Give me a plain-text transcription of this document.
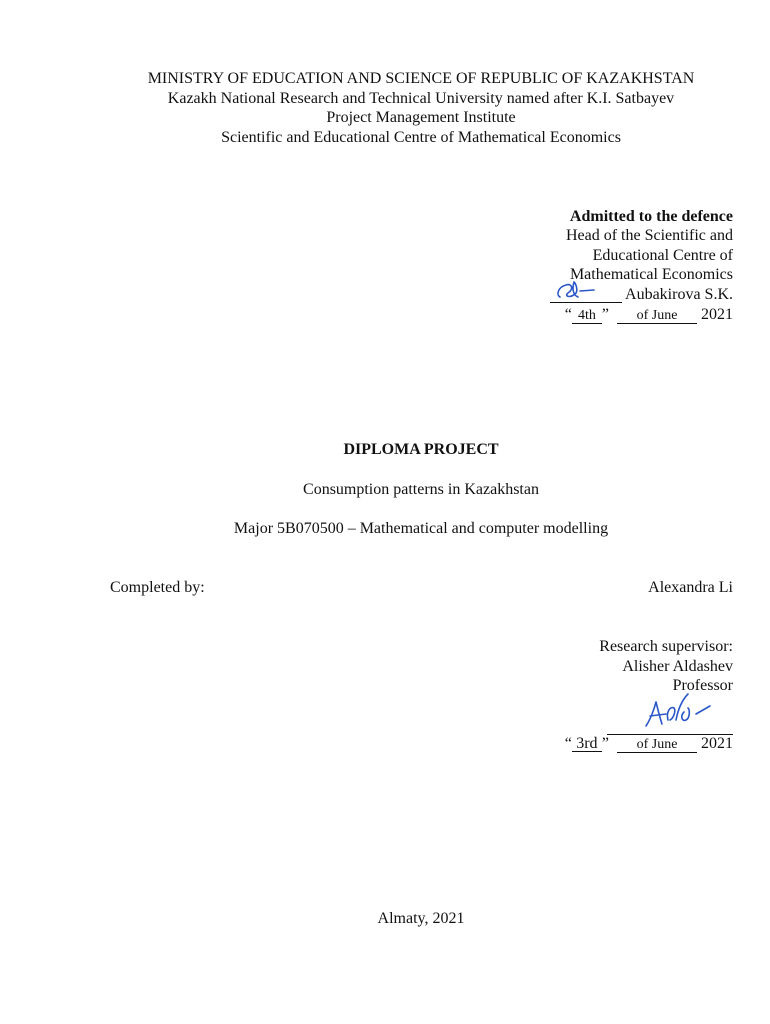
MINISTRY OF EDUCATION AND SCIENCE OF REPUBLIC OF KAZAKHSTAN
Kazakh National Research and Technical University named after K.I. Satbayev
Project Management Institute
Scientific and Educational Centre of Mathematical Economics
Admitted to the defence
Head of the Scientific and
Educational Centre of
Mathematical Economics
Aubakirova S.K.
“ 4th ” of June 2021
DIPLOMA PROJECT
Consumption patterns in Kazakhstan
Major 5B070500 – Mathematical and computer modelling
Completed by:	Alexandra Li
Research supervisor:
Alisher Aldashev
Professor

“ 3rd ” of June 2021
Almaty, 2021
